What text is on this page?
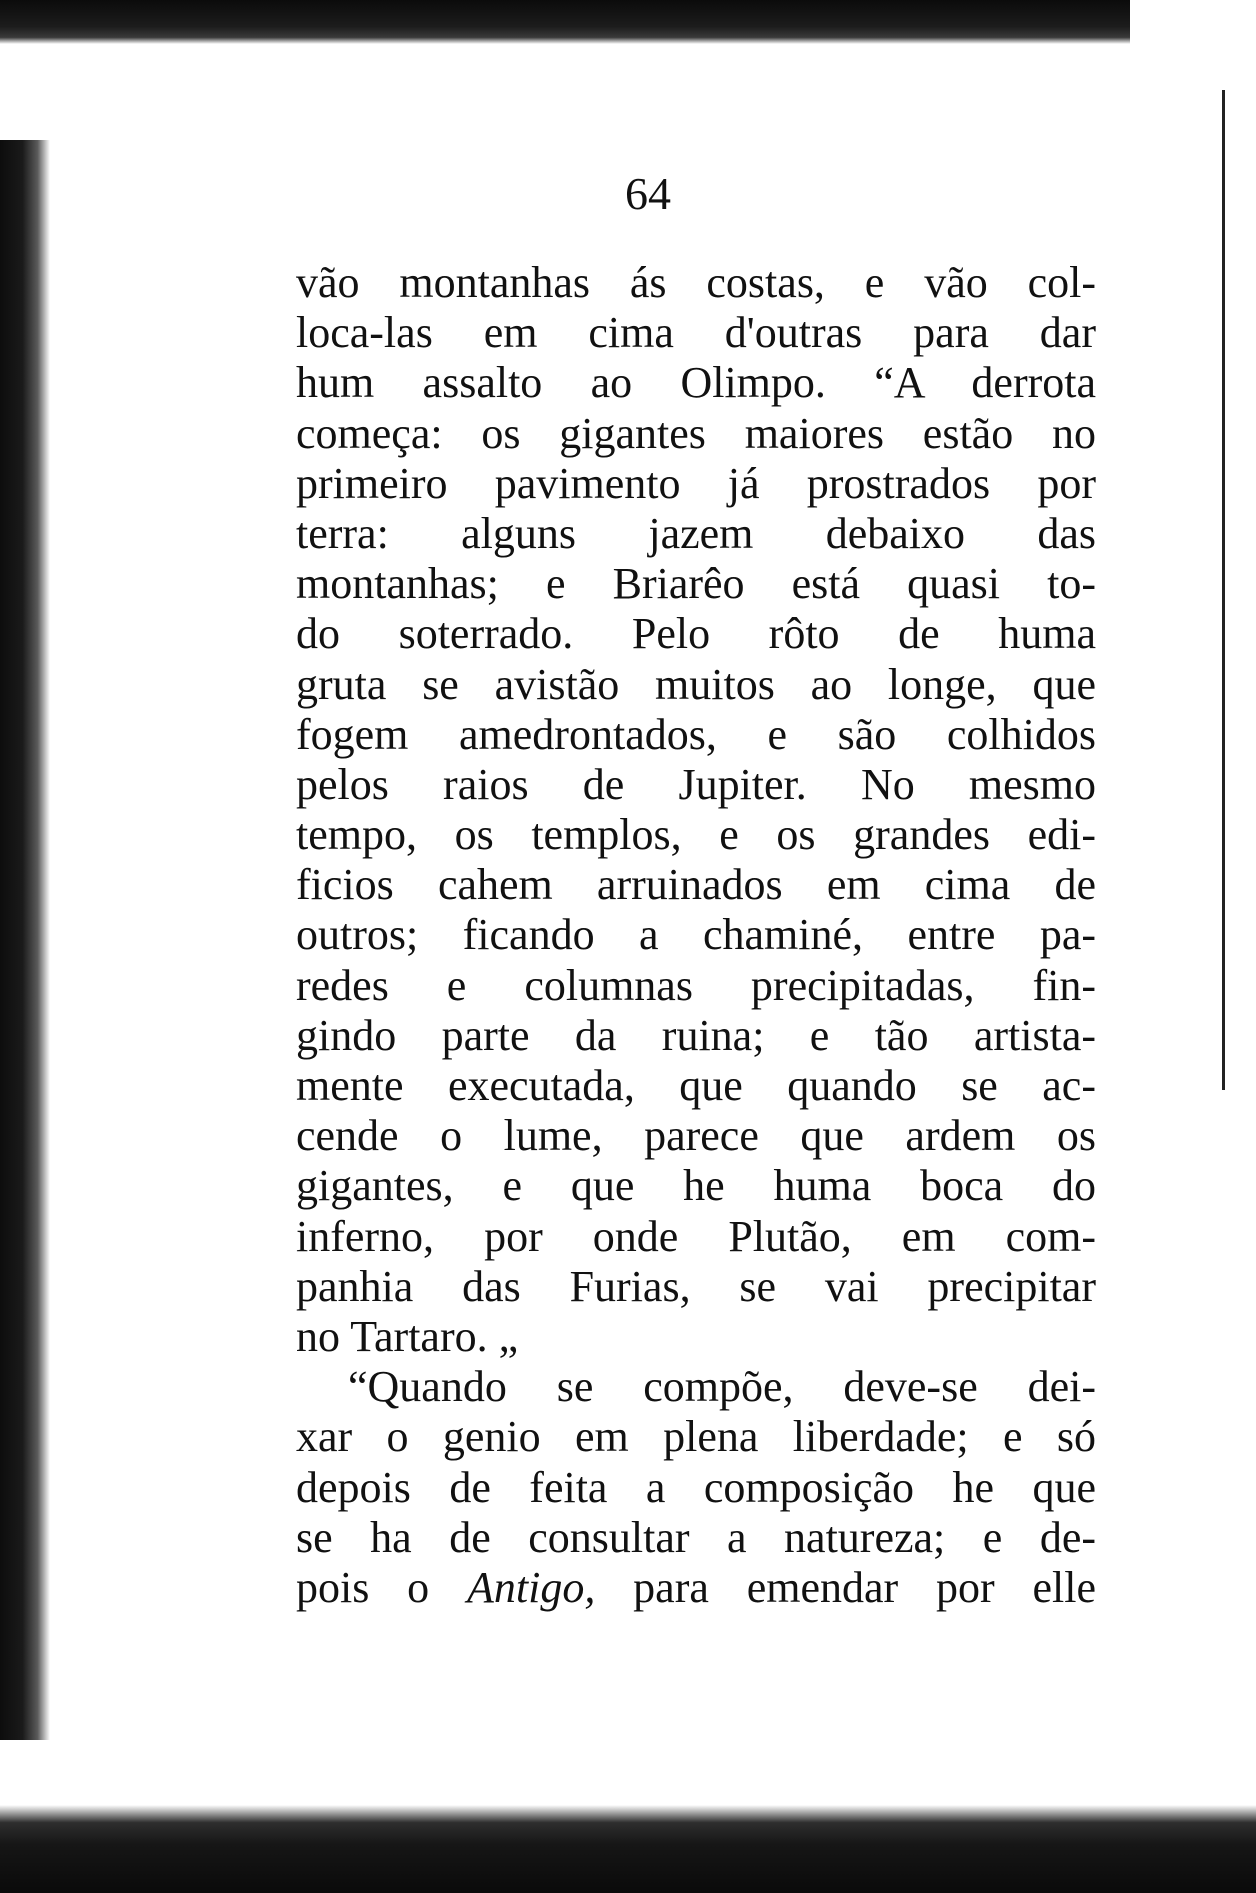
64
vão montanhas ás costas, e vão col-
loca-las em cima d'outras para dar
hum assalto ao Olimpo. “A derrota
começa: os gigantes maiores estão no
primeiro pavimento já prostrados por
terra: alguns jazem debaixo das
montanhas; e Briarêo está quasi to-
do soterrado. Pelo rôto de huma
gruta se avistão muitos ao longe, que
fogem amedrontados, e são colhidos
pelos raios de Jupiter. No mesmo
tempo, os templos, e os grandes edi-
ficios cahem arruinados em cima de
outros; ficando a chaminé, entre pa-
redes e columnas precipitadas, fin-
gindo parte da ruina; e tão artista-
mente executada, que quando se ac-
cende o lume, parece que ardem os
gigantes, e que he huma boca do
inferno, por onde Plutão, em com-
panhia das Furias, se vai precipitar
no Tartaro. „
“Quando se compõe, deve-se dei-
xar o genio em plena liberdade; e só
depois de feita a composição he que
se ha de consultar a natureza; e de-
pois o Antigo, para emendar por elle
